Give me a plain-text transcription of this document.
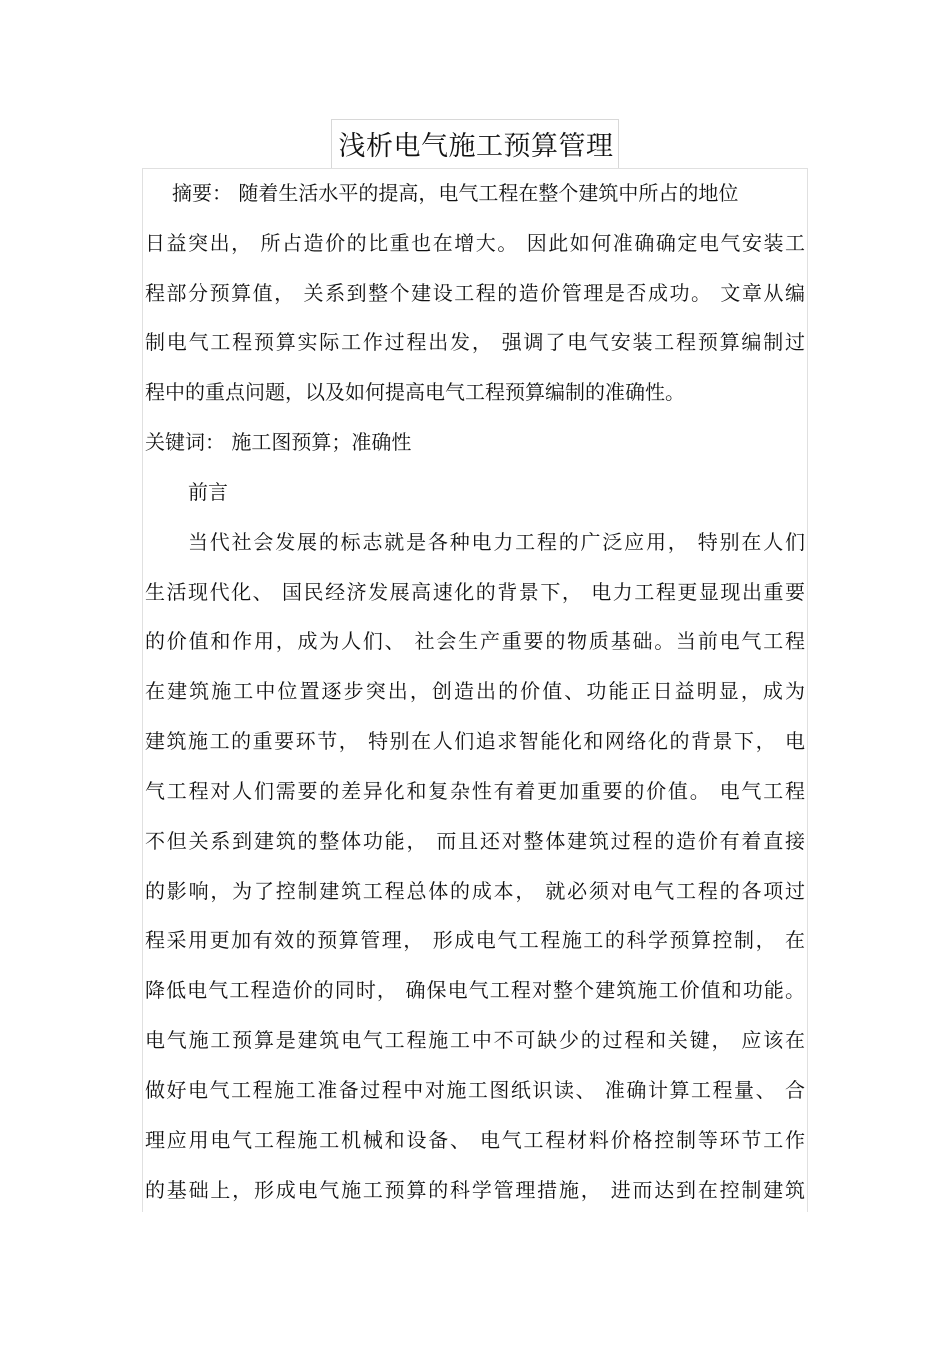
浅析电气施工预算管理
摘要： 随着生活水平的提高，电气工程在整个建筑中所占的地位
日益突出， 所占造价的比重也在增大。 因此如何准确确定电气安装工
程部分预算值， 关系到整个建设工程的造价管理是否成功。 文章从编
制电气工程预算实际工作过程出发， 强调了电气安装工程预算编制过
程中的重点问题，以及如何提高电气工程预算编制的准确性。
关键词： 施工图预算；准确性
前言
当代社会发展的标志就是各种电力工程的广泛应用， 特别在人们
生活现代化、 国民经济发展高速化的背景下， 电力工程更显现出重要
的价值和作用，成为人们、 社会生产重要的物质基础。当前电气工程
在建筑施工中位置逐步突出，创造出的价值、功能正日益明显，成为
建筑施工的重要环节， 特别在人们追求智能化和网络化的背景下， 电
气工程对人们需要的差异化和复杂性有着更加重要的价值。 电气工程
不但关系到建筑的整体功能， 而且还对整体建筑过程的造价有着直接
的影响，为了控制建筑工程总体的成本， 就必须对电气工程的各项过
程采用更加有效的预算管理， 形成电气工程施工的科学预算控制， 在
降低电气工程造价的同时， 确保电气工程对整个建筑施工价值和功能。
电气施工预算是建筑电气工程施工中不可缺少的过程和关键， 应该在
做好电气工程施工准备过程中对施工图纸识读、 准确计算工程量、 合
理应用电气工程施工机械和设备、 电气工程材料价格控制等环节工作
的基础上，形成电气施工预算的科学管理措施， 进而达到在控制建筑
